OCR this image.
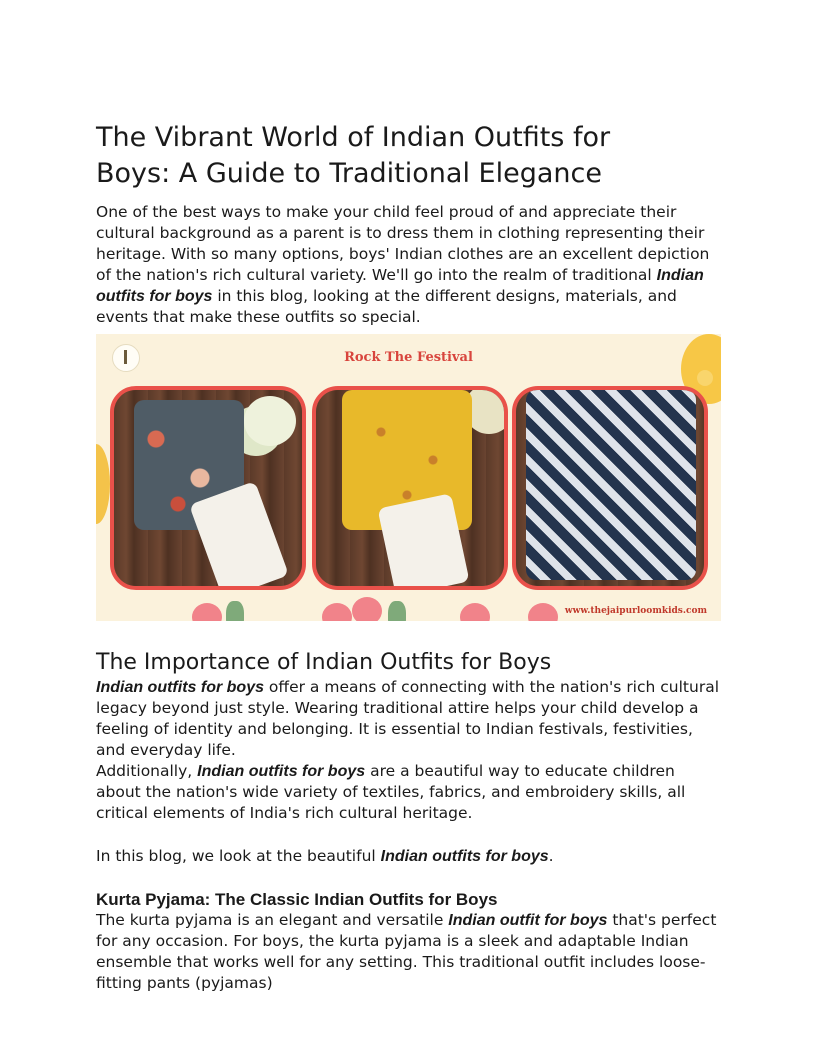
The Vibrant World of Indian Outfits for Boys: A Guide to Traditional Elegance

One of the best ways to make your child feel proud of and appreciate their cultural background as a parent is to dress them in clothing representing their heritage. With so many options, boys' Indian clothes are an excellent depiction of the nation's rich cultural variety. We'll go into the realm of traditional Indian outfits for boys in this blog, looking at the different designs, materials, and events that make these outfits so special.

Rock The Festival
www.thejaipurloomkids.com
The Importance of Indian Outfits for Boys

Indian outfits for boys offer a means of connecting with the nation's rich cultural legacy beyond just style. Wearing traditional attire helps your child develop a feeling of identity and belonging. It is essential to Indian festivals, festivities, and everyday life.

Additionally, Indian outfits for boys are a beautiful way to educate children about the nation's wide variety of textiles, fabrics, and embroidery skills, all critical elements of India's rich cultural heritage.

In this blog, we look at the beautiful Indian outfits for boys.

Kurta Pyjama: The Classic Indian Outfits for Boys

The kurta pyjama is an elegant and versatile Indian outfit for boys that's perfect for any occasion. For boys, the kurta pyjama is a sleek and adaptable Indian ensemble that works well for any setting. This traditional outfit includes loose-fitting pants (pyjamas)
